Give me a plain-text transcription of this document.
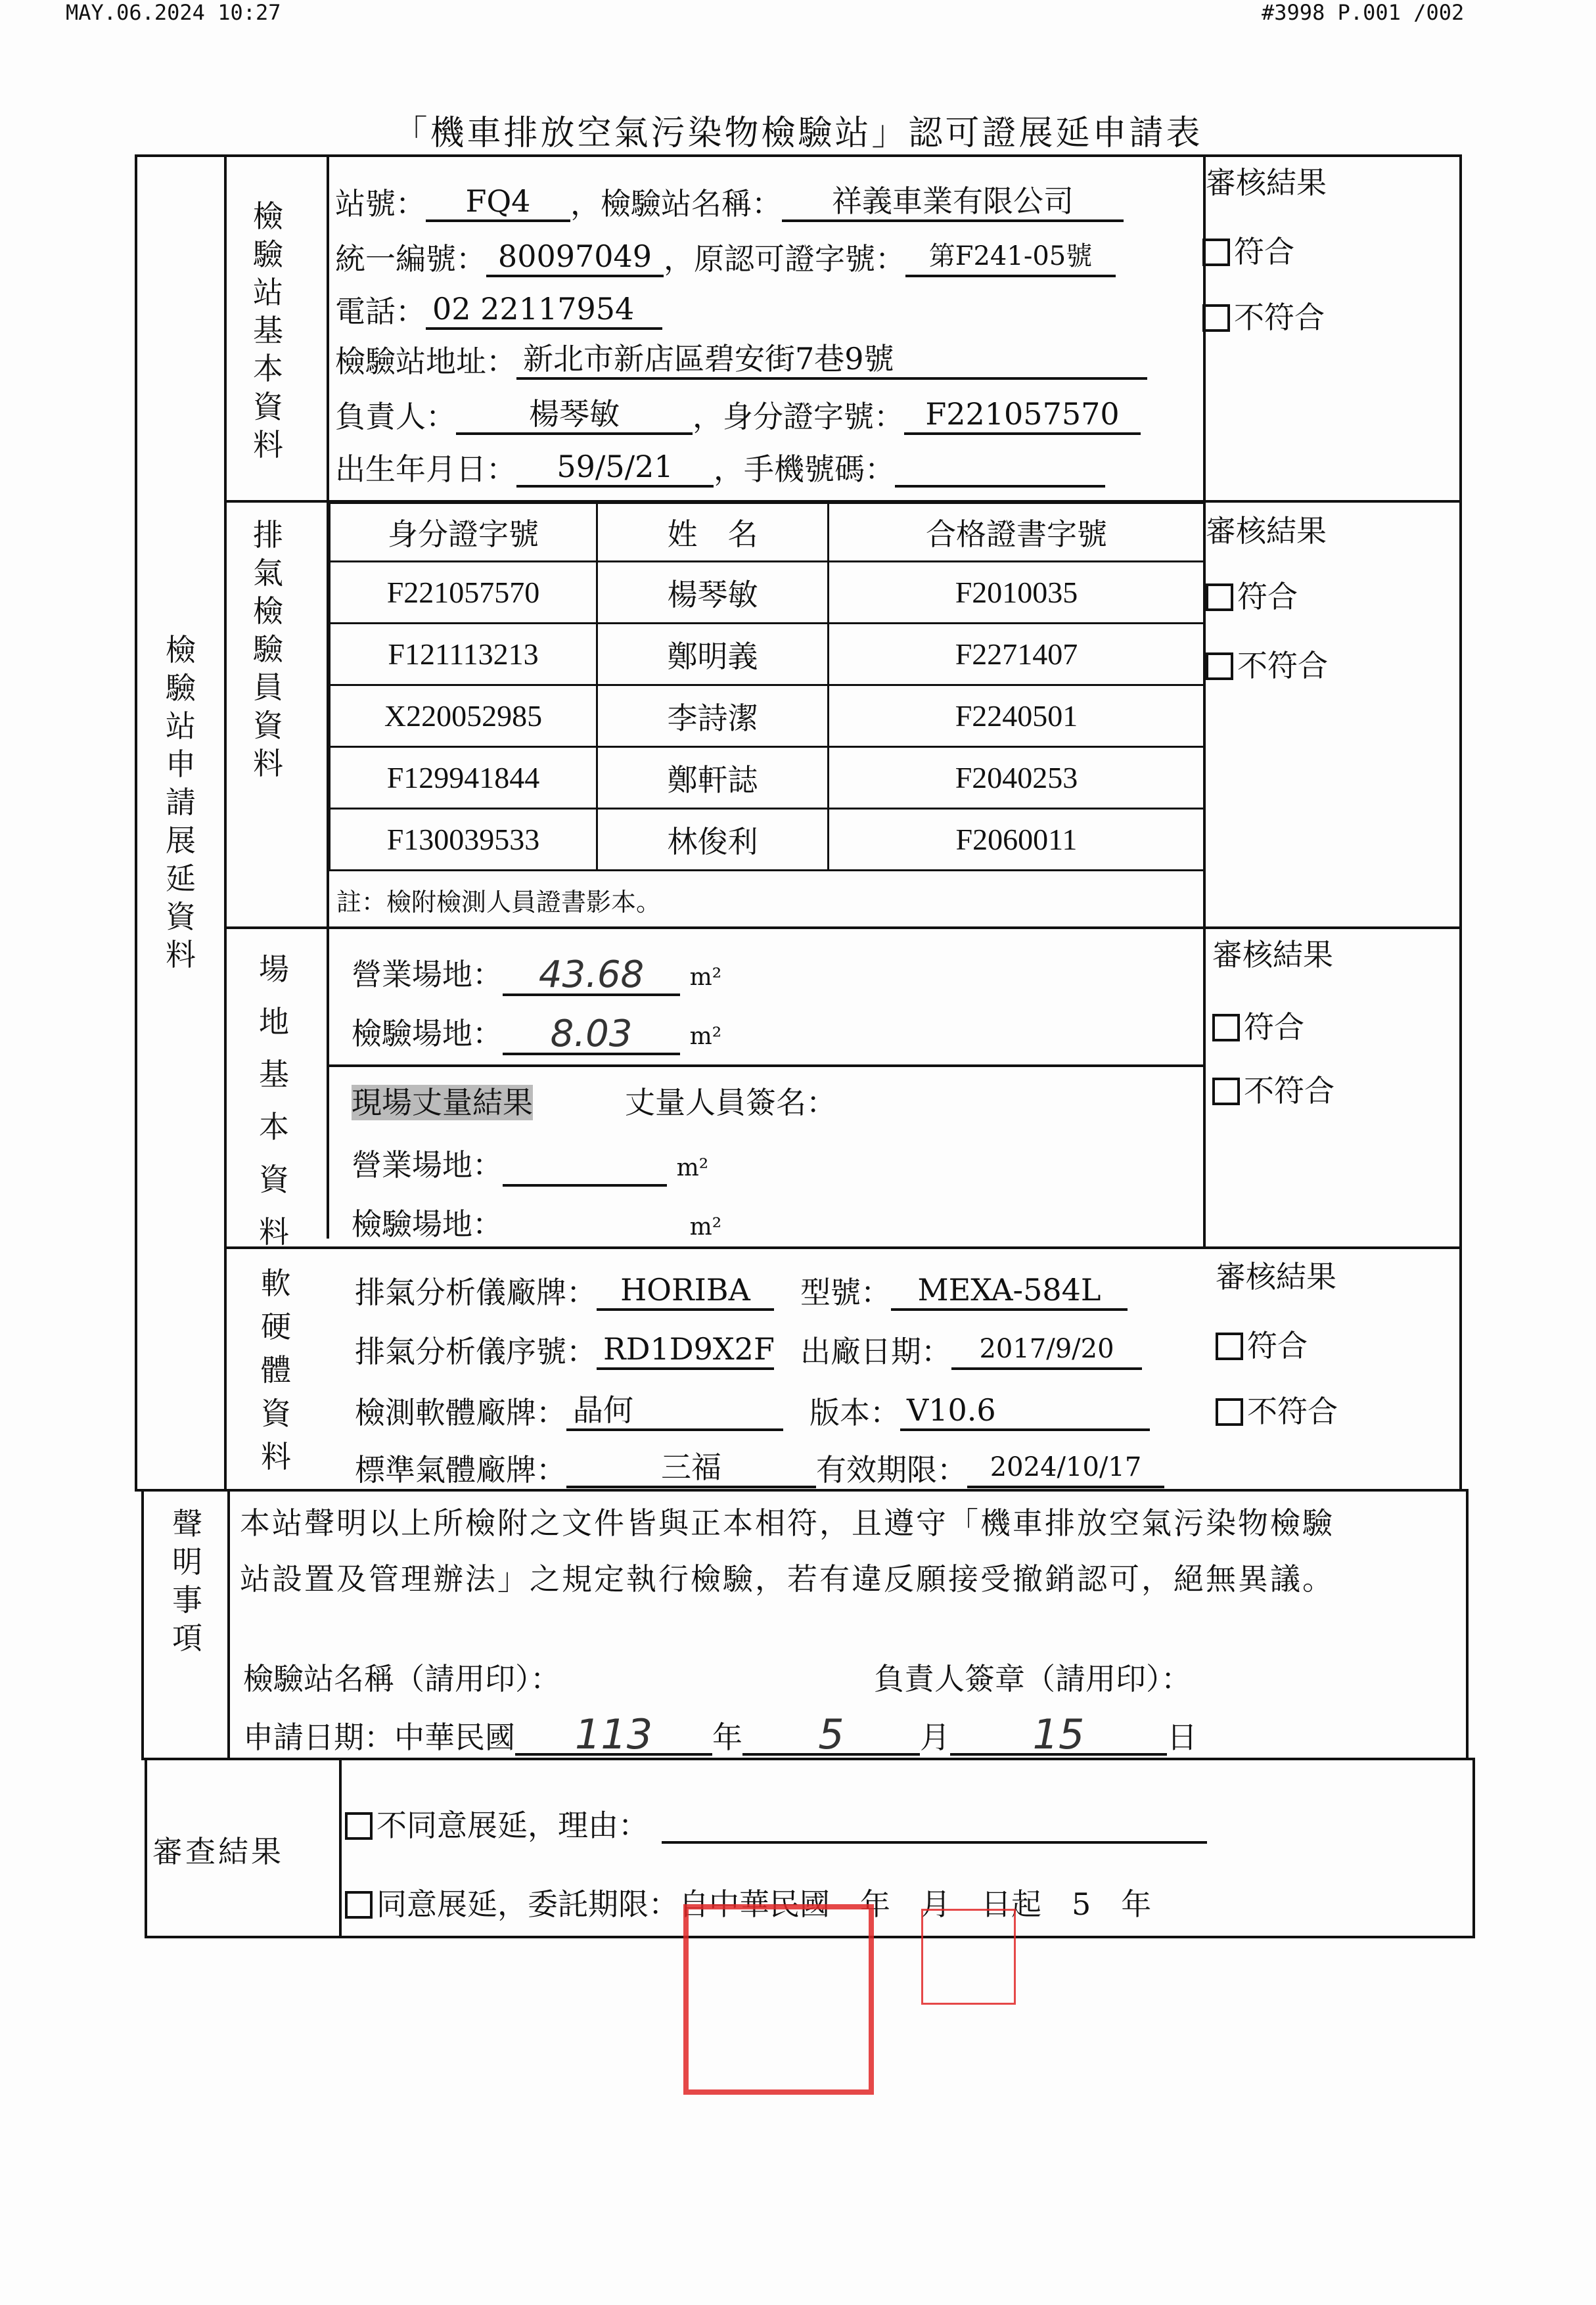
MAY.06.2024 10:27	#3998 P.001 /002
「機車排放空氣污染物檢驗站」認可證展延申請表
檢驗站申請展延資料
檢驗站基本資料
站號： FQ4 ，檢驗站名稱： 祥義車業有限公司
統一編號： 80097049 ，原認可證字號： 第F241-05號
電話： 02 22117954
檢驗站地址： 新北市新店區碧安街7巷9號
負責人： 楊琴敏 ，身分證字號： F221057570
出生年月日： 59/5/21 ，手機號碼：
審核結果
符合
不符合
排氣檢驗員資料
身分證字號	姓　名	合格證書字號
F221057570	楊琴敏	F2010035
F121113213	鄭明義	F2271407
X220052985	李詩潔	F2240501
F129941844	鄭軒誌	F2040253
F130039533	林俊利	F2060011
註：檢附檢測人員證書影本。
審核結果
符合
不符合
場地基本資料
營業場地： 43.68 m²
檢驗場地： 8.03 m²
現場丈量結果	丈量人員簽名：
營業場地：	m²
檢驗場地：	m²
審核結果
符合
不符合
軟硬體資料
排氣分析儀廠牌： HORIBA 型號： MEXA-584L
排氣分析儀序號： RD1D9X2F 出廠日期： 2017/9/20
檢測軟體廠牌： 晶何	版本： V10.6
標準氣體廠牌：	三福	有效期限： 2024/10/17
審核結果
符合
不符合
聲明事項
本站聲明以上所檢附之文件皆與正本相符，且遵守「機車排放空氣污染物檢驗
站設置及管理辦法」之規定執行檢驗，若有違反願接受撤銷認可，絕無異議。
檢驗站名稱（請用印）：	負責人簽章（請用印）：
申請日期：中華民國 113 年 5	月 15	日
審查結果
不同意展延，理由：
同意展延，委託期限：自中華民國　年　月　日起　5　年
